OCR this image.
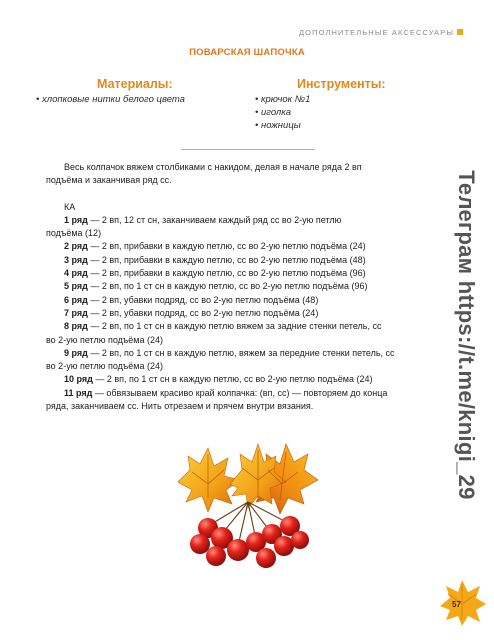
ДОПОЛНИТЕЛЬНЫЕ АКСЕССУАРЫ
ПОВАРСКАЯ ШАПОЧКА
Материалы:
• хлопковые нитки белого цвета
Инструменты:
• крючок №1
• иголка
• ножницы

Весь колпачок вяжем столбиками с накидом, делая в начале ряда 2 вп

подъёма и заканчивая ряд сс.

КА

1 ряд — 2 вп, 12 ст сн, заканчиваем каждый ряд сс во 2-ую петлю

подъёма (12)

2 ряд — 2 вп, прибавки в каждую петлю, сс во 2-ую петлю подъёма (24)

3 ряд — 2 вп, прибавки в каждую петлю, сс во 2-ую петлю подъёма (48)

4 ряд — 2 вп, прибавки в каждую петлю, сс во 2-ую петлю подъёма (96)

5 ряд — 2 вп, по 1 ст сн в каждую петлю, сс во 2-ую петлю подъёма (96)

6 ряд — 2 вп, убавки подряд, сс во 2-ую петлю подъёма (48)

7 ряд — 2 вп, убавки подряд, сс во 2-ую петлю подъёма (24)

8 ряд — 2 вп, по 1 ст сн в каждую петлю вяжем за задние стенки петель, сс

во 2-ую петлю подъёма (24)

9 ряд — 2 вп, по 1 ст сн в каждую петлю, вяжем за передние стенки петель, сс

во 2-ую петлю подъёма (24)

10 ряд — 2 вп, по 1 ст сн в каждую петлю, сс во 2-ую петлю подъёма (24)

11 ряд — обвязываем красиво край колпачка: (вп, сс) — повторяем до конца

ряда, заканчиваем сс. Нить отрезаем и прячем внутри вязания.	Телеграм https://t.me/knigi_29
57
